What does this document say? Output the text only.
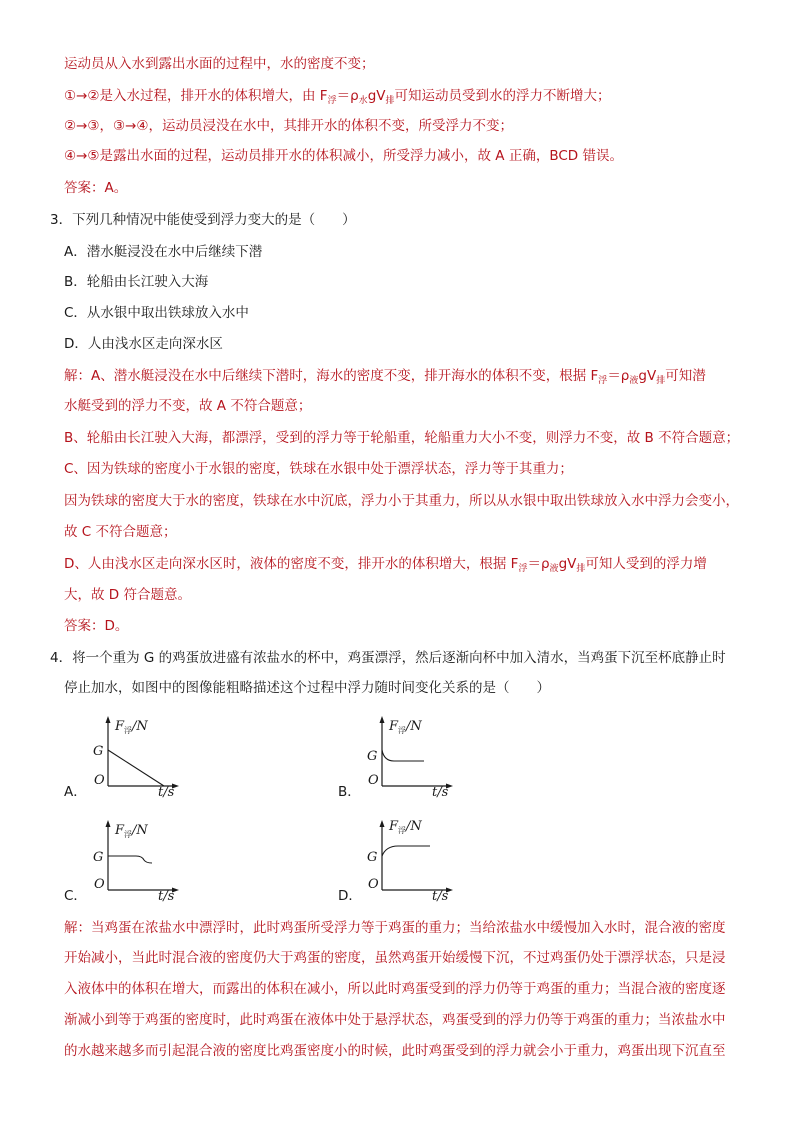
运动员从入水到露出水面的过程中，水的密度不变；
①→②是入水过程，排开水的体积增大，由 $F_浮=\rho_水gV_排$可知运动员受到水的浮力不断增大；
②→③，③→④，运动员浸没在水中，其排开水的体积不变，所受浮力不变；
④→⑤是露出水面的过程，运动员排开水的体积减小，所受浮力减小，故 A 正确，BCD 错误。
答案：A。
3．下列几种情况中能使受到浮力变大的是（　　）
A．潜水艇浸没在水中后继续下潜
B．轮船由长江驶入大海
C．从水银中取出铁球放入水中
D．人由浅水区走向深水区
解：A、潜水艇浸没在水中后继续下潜时，海水的密度不变，排开海水的体积不变，根据 $F_浮=\rho_液gV_排$可知潜
水艇受到的浮力不变，故 A 不符合题意；
B、轮船由长江驶入大海，都漂浮，受到的浮力等于轮船重，轮船重力大小不变，则浮力不变，故 B 不符合题意；
C、因为铁球的密度小于水银的密度，铁球在水银中处于漂浮状态，浮力等于其重力；
因为铁球的密度大于水的密度，铁球在水中沉底，浮力小于其重力，所以从水银中取出铁球放入水中浮力会变小，
故 C 不符合题意；
D、人由浅水区走向深水区时，液体的密度不变，排开水的体积增大，根据 $F_浮=\rho_液gV_排$可知人受到的浮力增
大，故 D 符合题意。
答案：D。
4．将一个重为 G 的鸡蛋放进盛有浓盐水的杯中，鸡蛋漂浮，然后逐渐向杯中加入清水，当鸡蛋下沉至杯底静止时
停止加水，如图中的图像能粗略描述这个过程中浮力随时间变化关系的是（　　）
A．	B．
C．	D．
$F_浮/N$
G
O
t/s
$F_浮/N$
G
O
t/s
$F_浮/N$
G
O
t/s
$F_浮/N$
G
O
t/s
解：当鸡蛋在浓盐水中漂浮时，此时鸡蛋所受浮力等于鸡蛋的重力；当给浓盐水中缓慢加入水时，混合液的密度
开始减小，当此时混合液的密度仍大于鸡蛋的密度，虽然鸡蛋开始缓慢下沉，不过鸡蛋仍处于漂浮状态，只是浸
入液体中的体积在增大，而露出的体积在减小，所以此时鸡蛋受到的浮力仍等于鸡蛋的重力；当混合液的密度逐
渐减小到等于鸡蛋的密度时，此时鸡蛋在液体中处于悬浮状态，鸡蛋受到的浮力仍等于鸡蛋的重力；当浓盐水中
的水越来越多而引起混合液的密度比鸡蛋密度小的时候，此时鸡蛋受到的浮力就会小于重力，鸡蛋出现下沉直至
